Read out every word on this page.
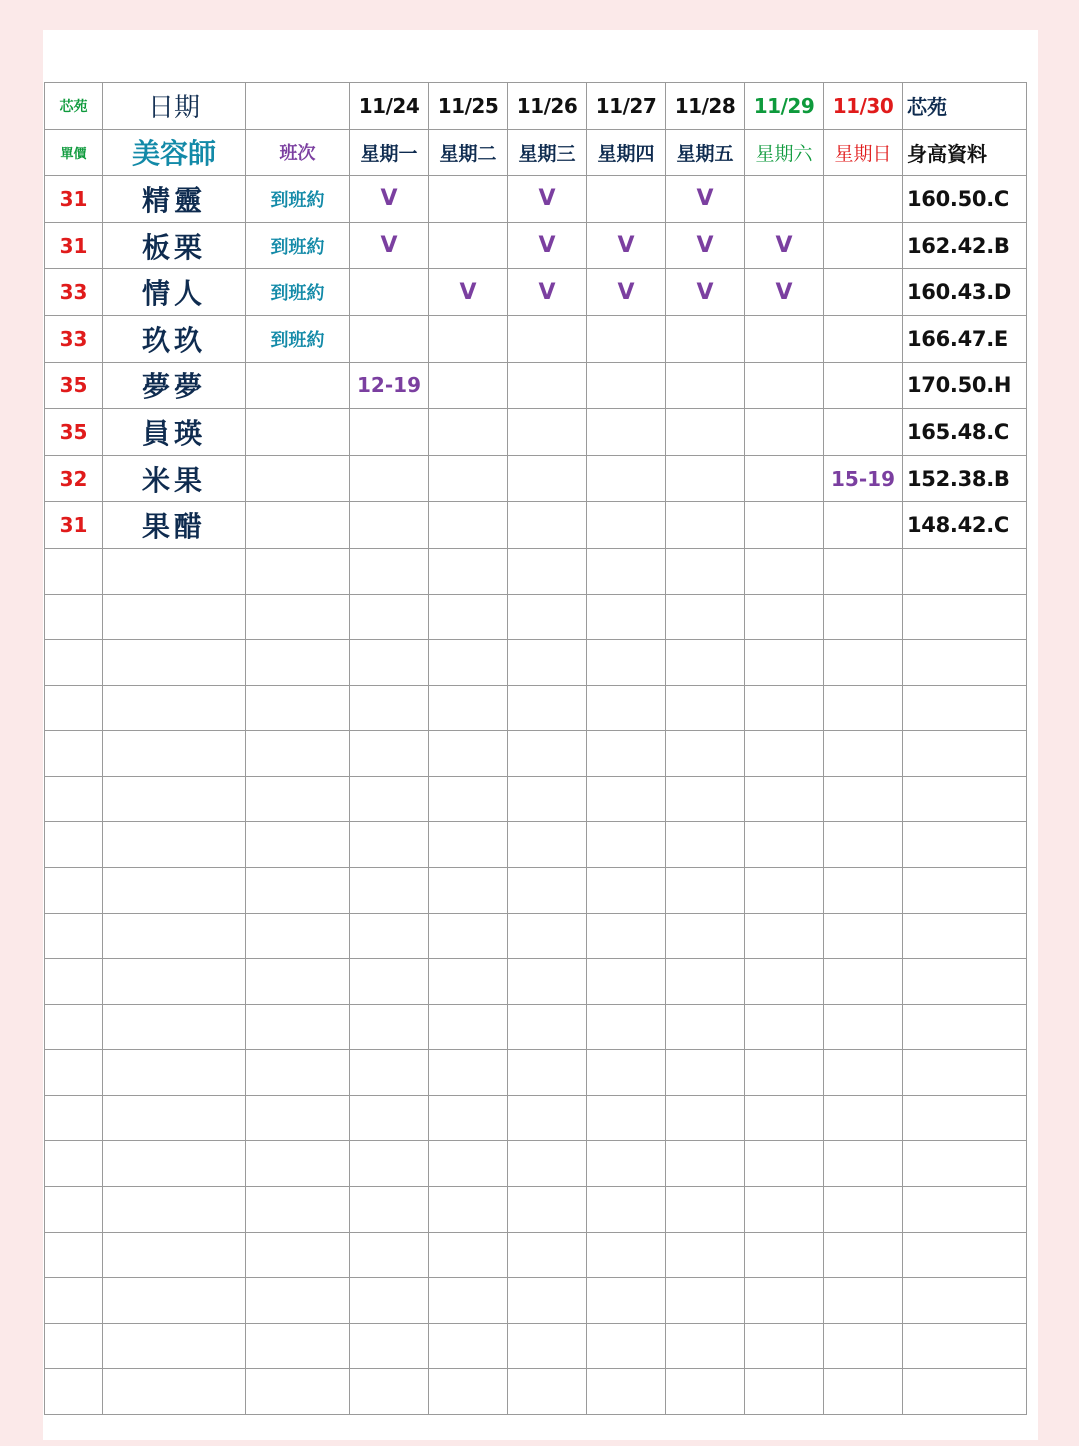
芯苑	日期		11/24	11/25	11/26	11/27	11/28	11/29	11/30	芯苑
單價	美容師	班次	星期一	星期二	星期三	星期四	星期五	星期六	星期日	身高資料
31	精靈	到班約	V		V		V			160.50.C
31	板栗	到班約	V		V	V	V	V		162.42.B
33	情人	到班約		V	V	V	V	V		160.43.D
33	玖玖	到班約								166.47.E
35	夢夢		12-19							170.50.H
35	員瑛									165.48.C
32	米果								15-19	152.38.B
31	果醋									148.42.C
